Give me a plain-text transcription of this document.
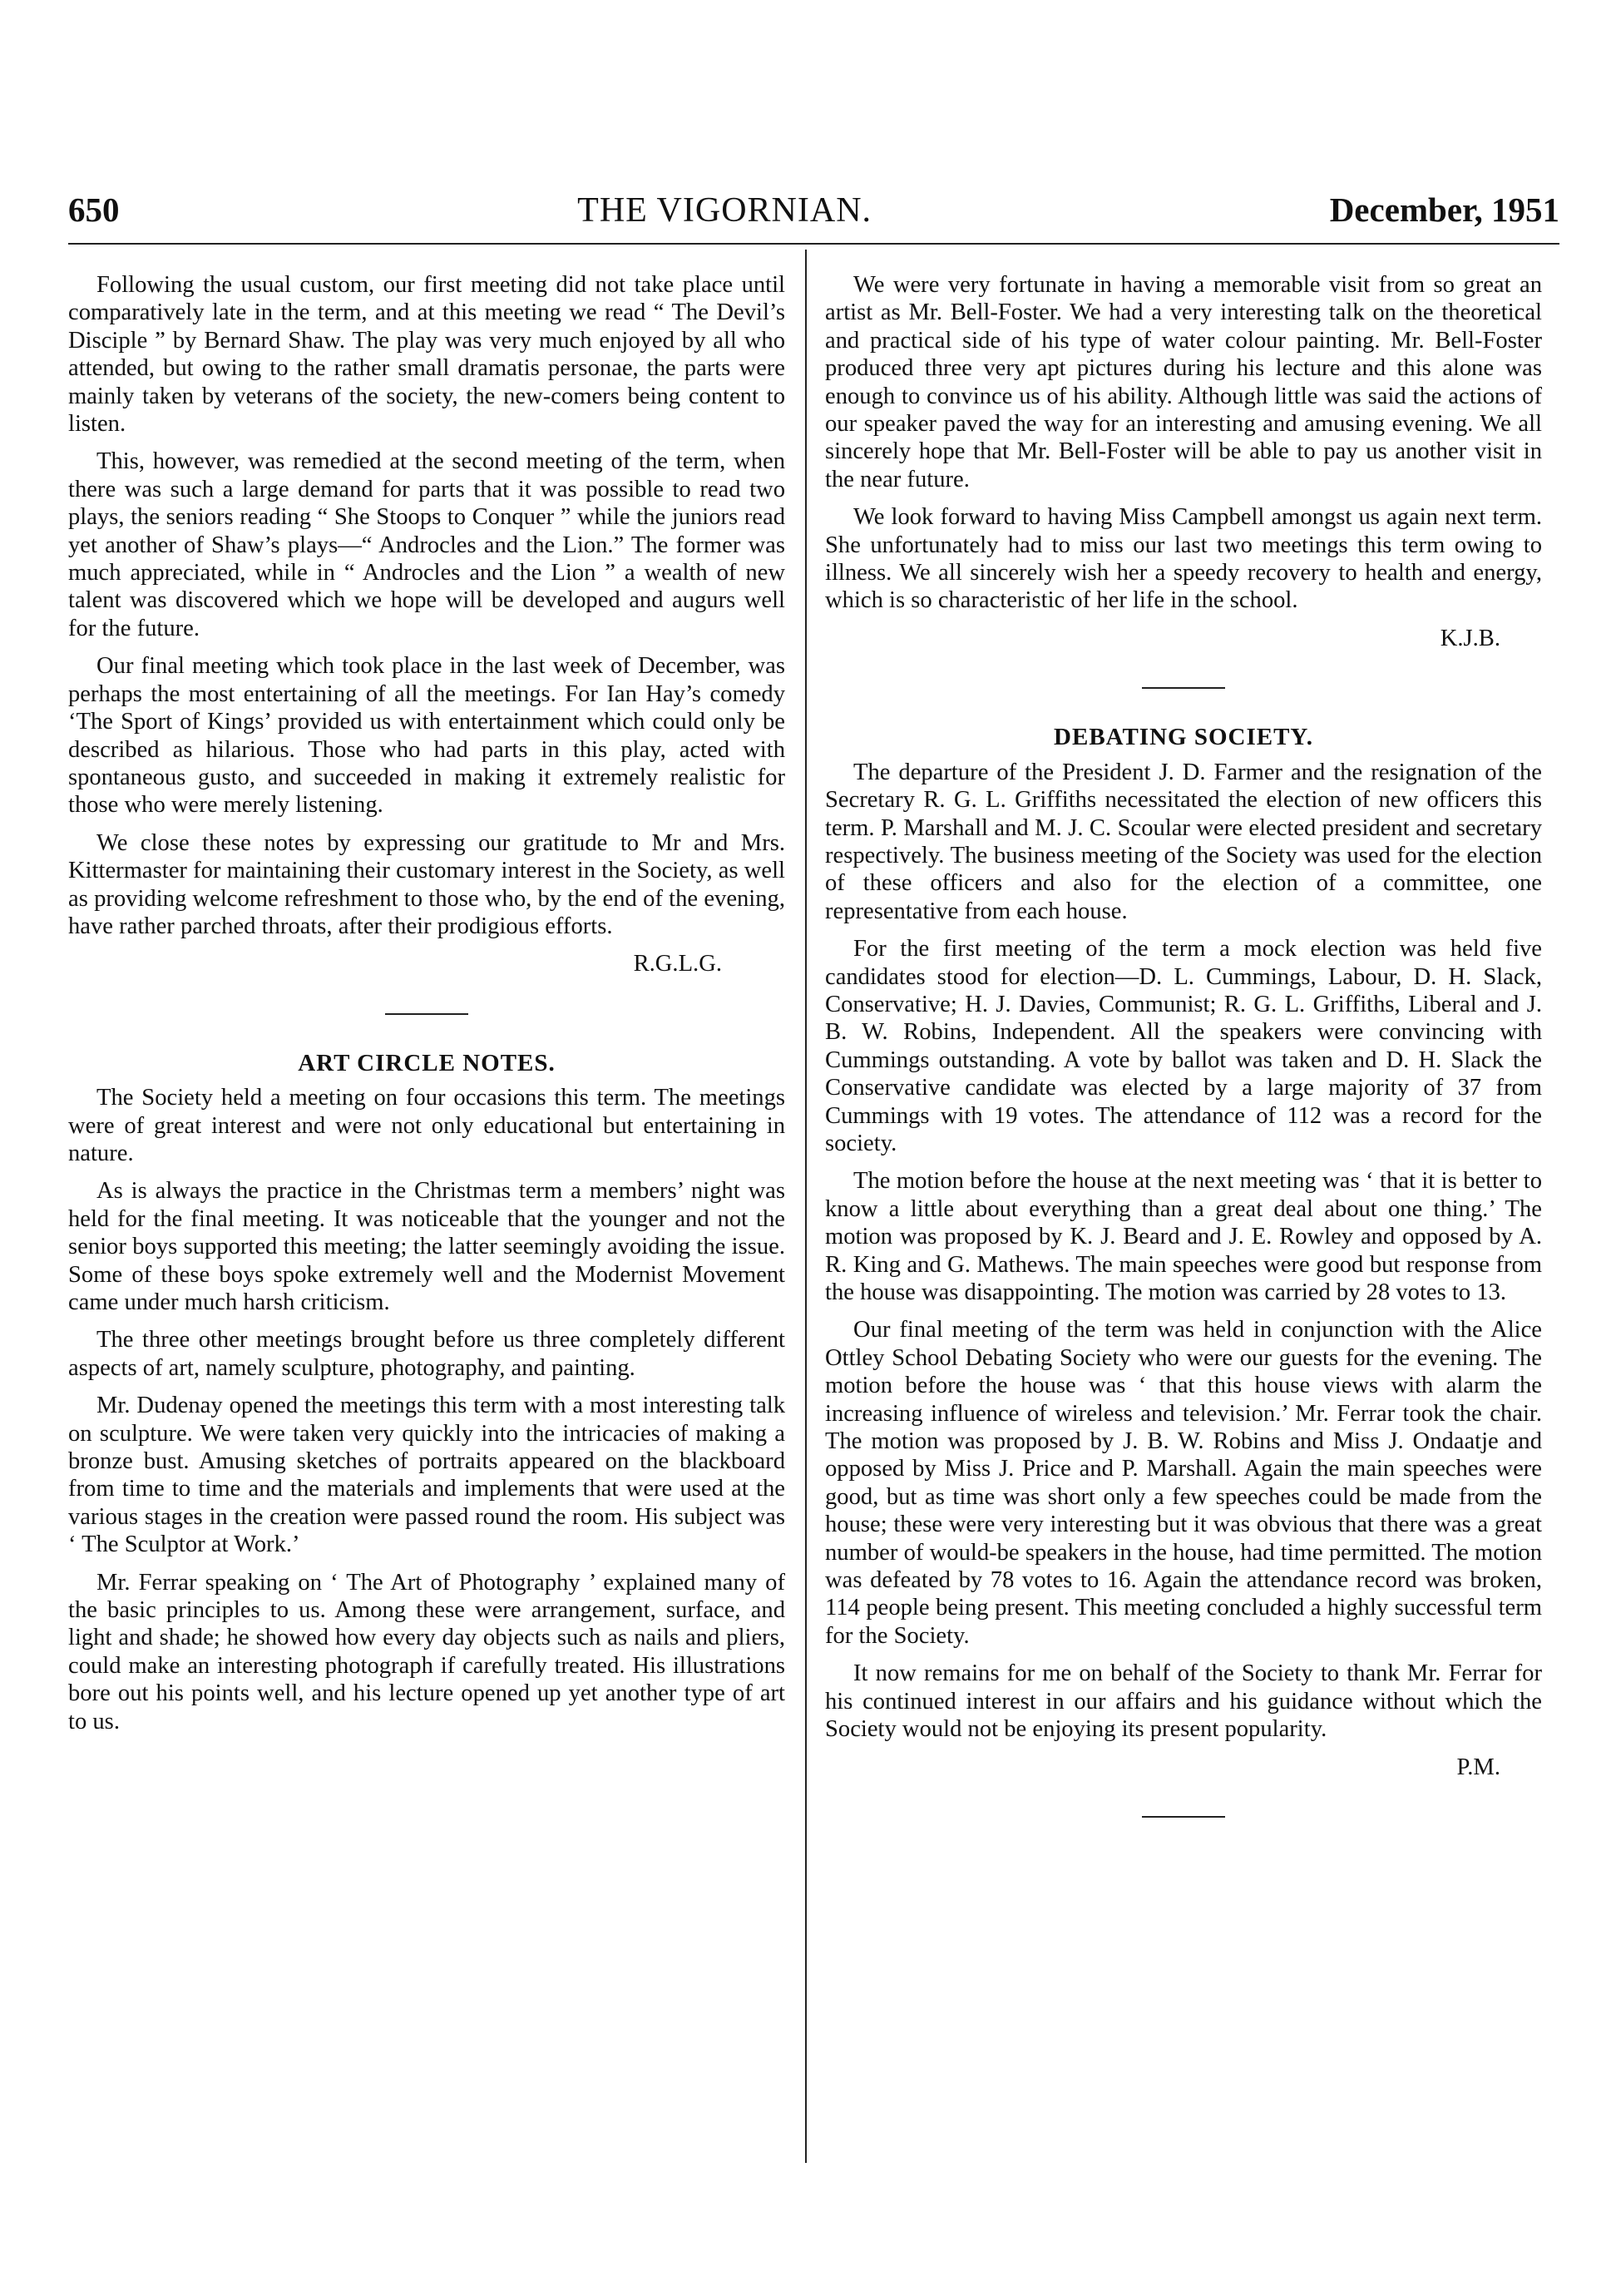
650	THE VIGORNIAN.	December, 1951

Following the usual custom, our first meeting did not take place until comparatively late in the term, and at this meeting we read “ The Devil’s Disciple ” by Bernard Shaw. The play was very much enjoyed by all who attended, but owing to the rather small dramatis personae, the parts were mainly taken by veterans of the society, the new-comers being content to listen.

This, however, was remedied at the second meeting of the term, when there was such a large demand for parts that it was possible to read two plays, the seniors reading “ She Stoops to Conquer ” while the juniors read yet another of Shaw’s plays—“ Androcles and the Lion.” The former was much appreciated, while in “ Androcles and the Lion ” a wealth of new talent was discovered which we hope will be developed and augurs well for the future.

Our final meeting which took place in the last week of December, was perhaps the most entertaining of all the meetings. For Ian Hay’s comedy ‘The Sport of Kings’ provided us with entertainment which could only be described as hilarious. Those who had parts in this play, acted with spontaneous gusto, and succeeded in making it extremely realistic for those who were merely listening.

We close these notes by expressing our gratitude to Mr and Mrs. Kittermaster for maintaining their customary interest in the Society, as well as providing welcome refreshment to those who, by the end of the evening, have rather parched throats, after their prodigious efforts.

R.G.L.G.
ART CIRCLE NOTES.

The Society held a meeting on four occasions this term. The meetings were of great interest and were not only educational but entertaining in nature.

As is always the practice in the Christmas term a members’ night was held for the final meeting. It was noticeable that the younger and not the senior boys supported this meeting; the latter seemingly avoiding the issue. Some of these boys spoke extremely well and the Modernist Movement came under much harsh criticism.

The three other meetings brought before us three completely different aspects of art, namely sculpture, photography, and painting.

Mr. Dudenay opened the meetings this term with a most interesting talk on sculpture. We were taken very quickly into the intricacies of making a bronze bust. Amusing sketches of portraits appeared on the blackboard from time to time and the materials and implements that were used at the various stages in the creation were passed round the room. His subject was ‘ The Sculptor at Work.’

Mr. Ferrar speaking on ‘ The Art of Photography ’ explained many of the basic principles to us. Among these were arrangement, surface, and light and shade; he showed how every day objects such as nails and pliers, could make an interesting photograph if carefully treated. His illustrations bore out his points well, and his lecture opened up yet another type of art to us.

We were very fortunate in having a memorable visit from so great an artist as Mr. Bell-Foster. We had a very interesting talk on the theoretical and practical side of his type of water colour painting. Mr. Bell-Foster produced three very apt pictures during his lecture and this alone was enough to convince us of his ability. Although little was said the actions of our speaker paved the way for an interesting and amusing evening. We all sincerely hope that Mr. Bell-Foster will be able to pay us another visit in the near future.

We look forward to having Miss Campbell amongst us again next term. She unfortunately had to miss our last two meetings this term owing to illness. We all sincerely wish her a speedy recovery to health and energy, which is so characteristic of her life in the school.

K.J.B.
DEBATING SOCIETY.

The departure of the President J. D. Farmer and the resignation of the Secretary R. G. L. Griffiths necessitated the election of new officers this term. P. Marshall and M. J. C. Scoular were elected president and secretary respectively. The business meeting of the Society was used for the election of these officers and also for the election of a committee, one representative from each house.

For the first meeting of the term a mock election was held five candidates stood for election—D. L. Cummings, Labour, D. H. Slack, Conservative; H. J. Davies, Communist; R. G. L. Griffiths, Liberal and J. B. W. Robins, Independent. All the speakers were convincing with Cummings outstanding. A vote by ballot was taken and D. H. Slack the Conservative candidate was elected by a large majority of 37 from Cummings with 19 votes. The attendance of 112 was a record for the society.

The motion before the house at the next meeting was ‘ that it is better to know a little about everything than a great deal about one thing.’ The motion was proposed by K. J. Beard and J. E. Rowley and opposed by A. R. King and G. Mathews. The main speeches were good but response from the house was disappointing. The motion was carried by 28 votes to 13.

Our final meeting of the term was held in conjunction with the Alice Ottley School Debating Society who were our guests for the evening. The motion before the house was ‘ that this house views with alarm the increasing influence of wireless and television.’ Mr. Ferrar took the chair. The motion was proposed by J. B. W. Robins and Miss J. Ondaatje and opposed by Miss J. Price and P. Marshall. Again the main speeches were good, but as time was short only a few speeches could be made from the house; these were very interesting but it was obvious that there was a great number of would-be speakers in the house, had time permitted. The motion was defeated by 78 votes to 16. Again the attendance record was broken, 114 people being present. This meeting concluded a highly successful term for the Society.

It now remains for me on behalf of the Society to thank Mr. Ferrar for his continued interest in our affairs and his guidance without which the Society would not be enjoying its present popularity.

P.M.
